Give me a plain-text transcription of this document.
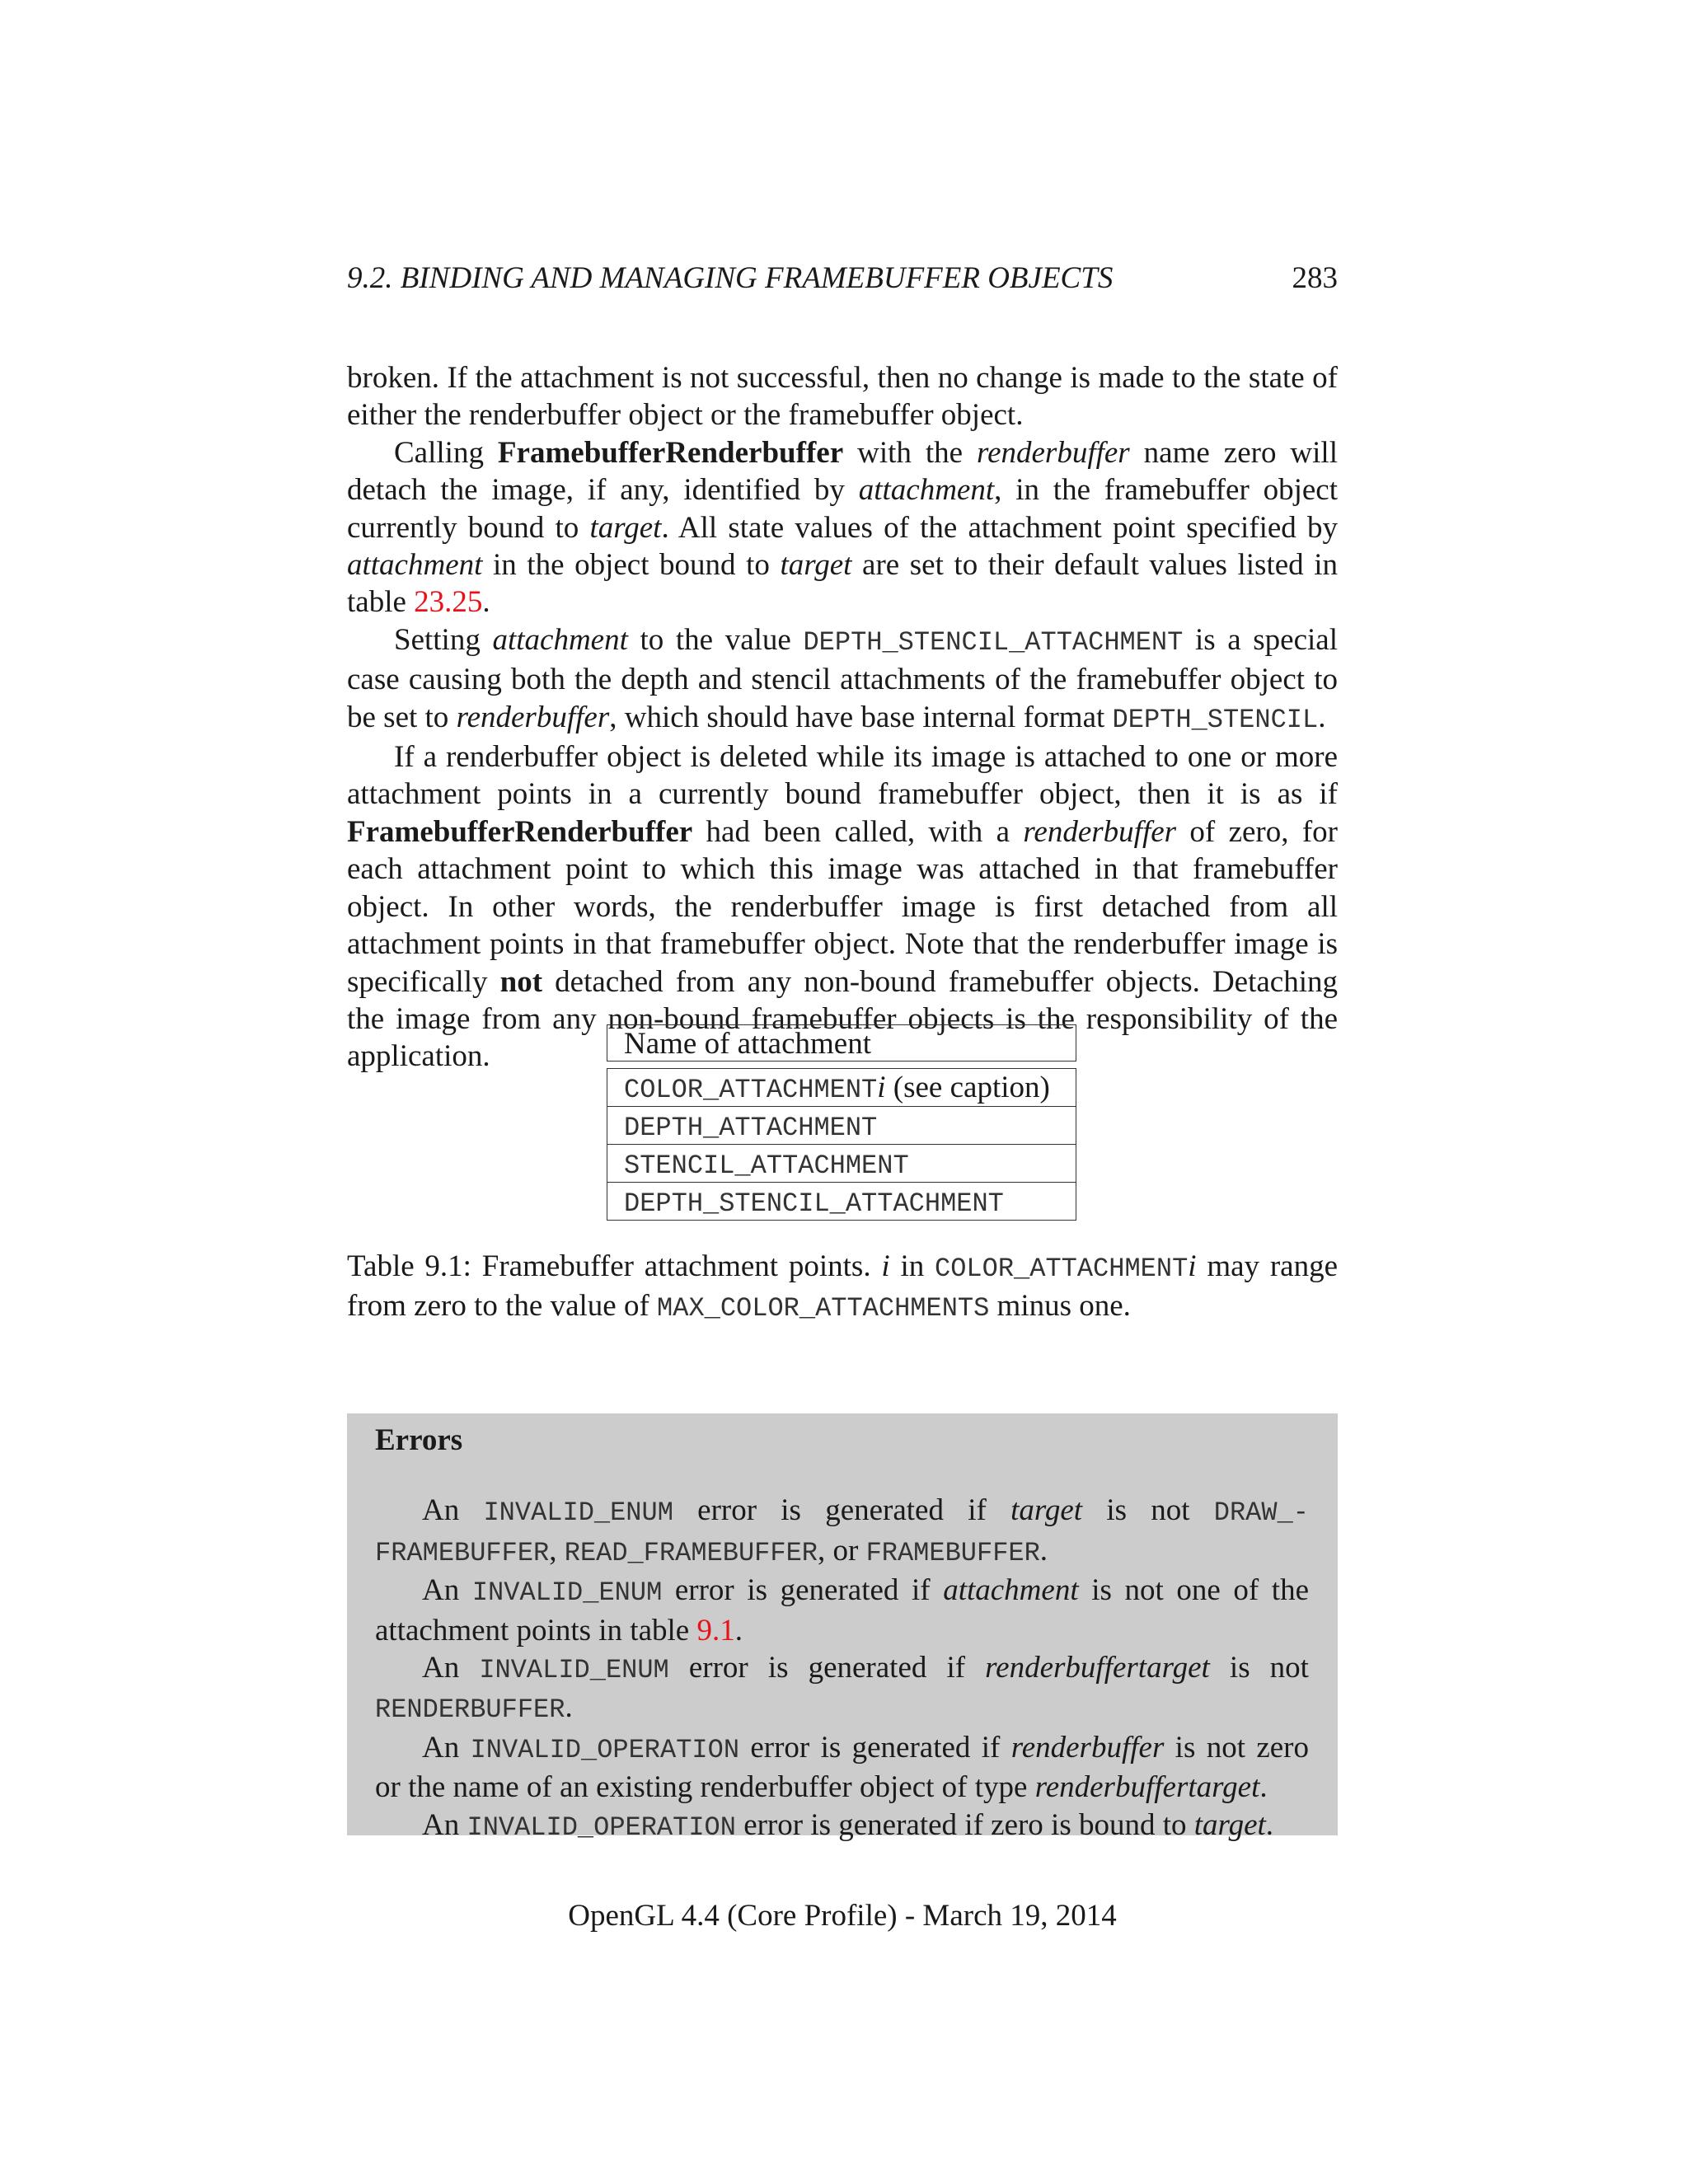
9.2. BINDING AND MANAGING FRAMEBUFFER OBJECTS	283

broken. If the attachment is not successful, then no change is made to the state of either the renderbuffer object or the framebuffer object.

Calling FramebufferRenderbuffer with the renderbuffer name zero will detach the image, if any, identified by attachment, in the framebuffer object currently bound to target. All state values of the attachment point specified by attachment in the object bound to target are set to their default values listed in table 23.25.

Setting attachment to the value DEPTH_STENCIL_ATTACHMENT is a special case causing both the depth and stencil attachments of the framebuffer object to be set to renderbuffer, which should have base internal format DEPTH_STENCIL.

If a renderbuffer object is deleted while its image is attached to one or more attachment points in a currently bound framebuffer object, then it is as if FramebufferRenderbuffer had been called, with a renderbuffer of zero, for each attachment point to which this image was attached in that framebuffer object. In other words, the renderbuffer image is first detached from all attachment points in that framebuffer object. Note that the renderbuffer image is specifically not detached from any non-bound framebuffer objects. Detaching the image from any non-bound framebuffer objects is the responsibility of the application.	Name of attachment
COLOR_ATTACHMENTi (see caption)
DEPTH_ATTACHMENT
STENCIL_ATTACHMENT
DEPTH_STENCIL_ATTACHMENT
Table 9.1: Framebuffer attachment points. i in COLOR_ATTACHMENTi may range from zero to the value of MAX_COLOR_ATTACHMENTS minus one.
Errors

An INVALID_ENUM error is generated if target is not DRAW_-FRAMEBUFFER, READ_FRAMEBUFFER, or FRAMEBUFFER.

An INVALID_ENUM error is generated if attachment is not one of the attachment points in table 9.1.

An INVALID_ENUM error is generated if renderbuffertarget is not RENDERBUFFER.

An INVALID_OPERATION error is generated if renderbuffer is not zero or the name of an existing renderbuffer object of type renderbuffertarget.

An INVALID_OPERATION error is generated if zero is bound to target.

OpenGL 4.4 (Core Profile) - March 19, 2014
